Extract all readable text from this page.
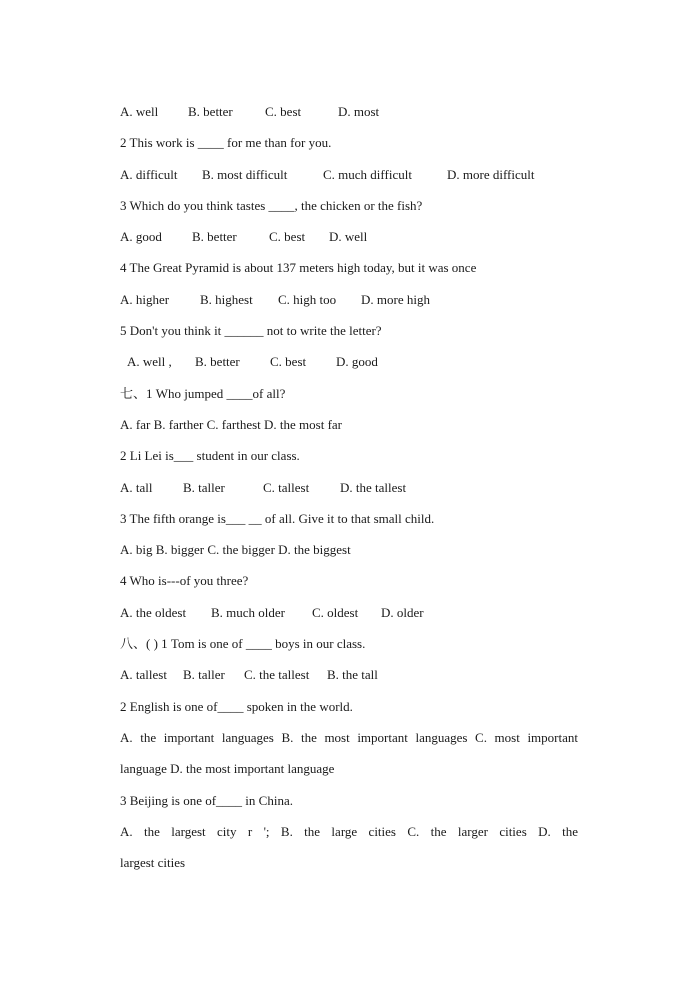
A. well B. better C. best	D. most
2 This work is ____ for me than for you.
A. difficult B. most difficult	C. much difficult	D. more difficult
3 Which do you think tastes ____, the chicken or the fish?
A. good B. better C. best D. well
4 The Great Pyramid is about 137 meters high today, but it was once
A. higher B. highest C. high too D. more high
5 Don't you think it ______ not to write the letter?
A. well , B. better C. best D. good
七、1 Who jumped ____of all?
A. far B. farther C. farthest D. the most far
2 Li Lei is___ student in our class.
A. tall B. taller	C. tallest D. the tallest
3 The fifth orange is___ __ of all. Give it to that small child.
A. big B. bigger C. the bigger D. the biggest
4 Who is---of you three?
A. the oldest B. much older C. oldest D. older
八、( ) 1 Tom is one of ____ boys in our class.
A. tallest B. taller C. the tallest B. the tall
2 English is one of____ spoken in the world.
A. the important languages B. the most important languages C. most important
language D. the most important language
3 Beijing is one of____ in China.
A. the largest city r '; B. the large cities C. the larger cities D. the
largest cities
